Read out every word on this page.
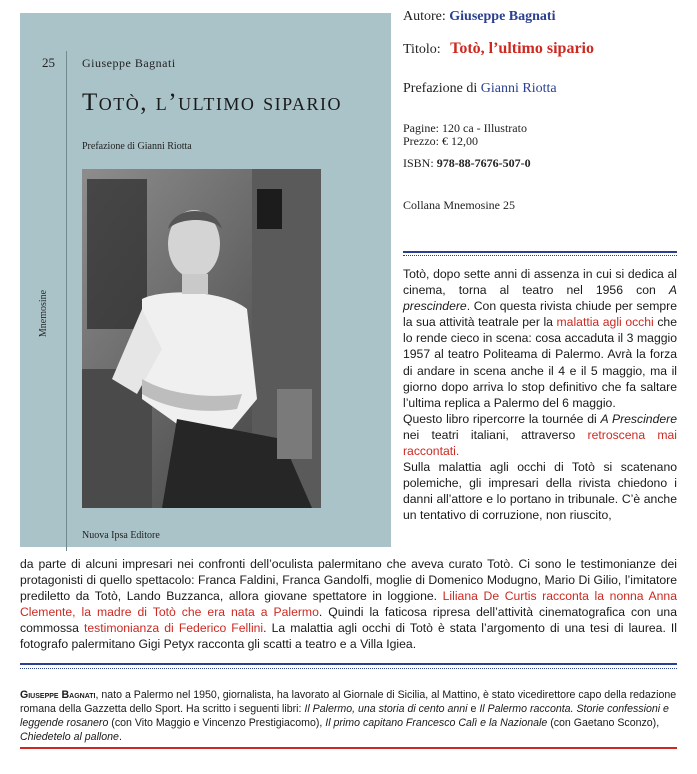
25 Giuseppe Bagnati
Totò, l’ultimo sipario
Prefazione di Gianni Riotta
Mnemosine
Nuova Ipsa Editore
Autore: Giuseppe Bagnati
Titolo: Totò, l’ultimo sipario
Prefazione di Gianni Riotta
Pagine: 120 ca - Illustrato
Prezzo: € 12,00
ISBN: 978-88-7676-507-0
Collana Mnemosine 25

Totò, dopo sette anni di assenza in cui si dedica al cinema, torna al teatro nel 1956 con A prescindere. Con questa rivista chiude per sempre la sua attività teatrale per la malattia agli occhi che lo rende cieco in scena: cosa accaduta il 3 maggio 1957 al teatro Politeama di Palermo. Avrà la forza di andare in scena anche il 4 e il 5 maggio, ma il giorno dopo arriva lo stop definitivo che fa saltare l’ultima replica a Palermo del 6 maggio.

Questo libro ripercorre la tournée di A Prescindere nei teatri italiani, attraverso retroscena mai raccontati.

Sulla malattia agli occhi di Totò si scatenano polemiche, gli impresari della rivista chiedono i danni all’attore e lo portano in tribunale. C’è anche un tentativo di corruzione, non riuscito,

da parte di alcuni impresari nei confronti dell’oculista palermitano che aveva curato Totò. Ci sono le testimonianze dei protagonisti di quello spettacolo: Franca Faldini, Franca Gandolfi, moglie di Domenico Modugno, Mario Di Gilio, l’imitatore prediletto da Totò, Lando Buzzanca, allora giovane spettatore in loggione. Liliana De Curtis racconta la nonna Anna Clemente, la madre di Totò che era nata a Palermo. Quindi la faticosa ripresa dell’attività cinematografica con una commossa testimonianza di Federico Fellini. La malattia agli occhi di Totò è stata l’argomento di una tesi di laurea. Il fotografo palermitano Gigi Petyx racconta gli scatti a teatro e a Villa Igiea.

Giuseppe Bagnati, nato a Palermo nel 1950, giornalista, ha lavorato al Giornale di Sicilia, al Mattino, è stato vicedirettore capo della redazione romana della Gazzetta dello Sport. Ha scritto i seguenti libri: Il Palermo, una storia di cento anni e Il Palermo racconta. Storie confessioni e leggende rosanero (con Vito Maggio e Vincenzo Prestigiacomo), Il primo capitano Francesco Calì e la Nazionale (con Gaetano Sconzo), Chiedetelo al pallone.
